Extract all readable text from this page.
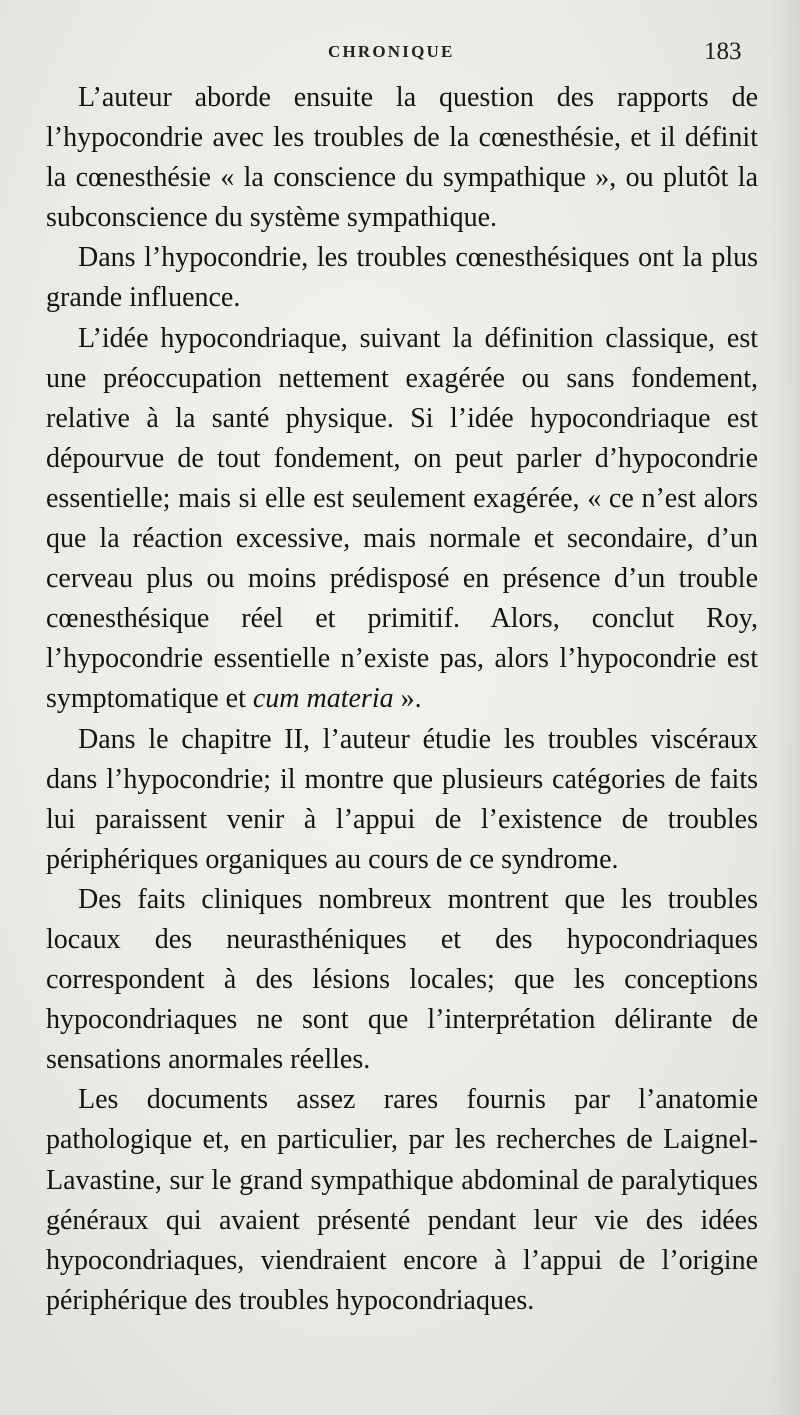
CHRONIQUE	183

L’auteur aborde ensuite la question des rapports de l’hypocondrie avec les troubles de la cœnesthésie, et il définit la cœnesthésie « la conscience du sympathique », ou plutôt la subconscience du système sympathique.

Dans l’hypocondrie, les troubles cœnesthésiques ont la plus grande influence.

L’idée hypocondriaque, suivant la définition classique, est une préoccupation nettement exagérée ou sans fondement, relative à la santé physique. Si l’idée hypocondriaque est dépourvue de tout fondement, on peut parler d’hypocondrie essentielle; mais si elle est seulement exagérée, « ce n’est alors que la réaction excessive, mais normale et secondaire, d’un cerveau plus ou moins prédisposé en présence d’un trouble cœnesthésique réel et primitif. Alors, conclut Roy, l’hypocondrie essentielle n’existe pas, alors l’hypocondrie est symptomatique et cum materia ».

Dans le chapitre II, l’auteur étudie les troubles viscéraux dans l’hypocondrie; il montre que plusieurs catégories de faits lui paraissent venir à l’appui de l’existence de troubles périphériques organiques au cours de ce syndrome.

Des faits cliniques nombreux montrent que les troubles locaux des neurasthéniques et des hypocondriaques correspondent à des lésions locales; que les conceptions hypocondriaques ne sont que l’interprétation délirante de sensations anormales réelles.

Les documents assez rares fournis par l’anatomie pathologique et, en particulier, par les recherches de Laignel-Lavastine, sur le grand sympathique abdominal de paralytiques généraux qui avaient présenté pendant leur vie des idées hypocondriaques, viendraient encore à l’appui de l’origine périphérique des troubles hypocondriaques.
